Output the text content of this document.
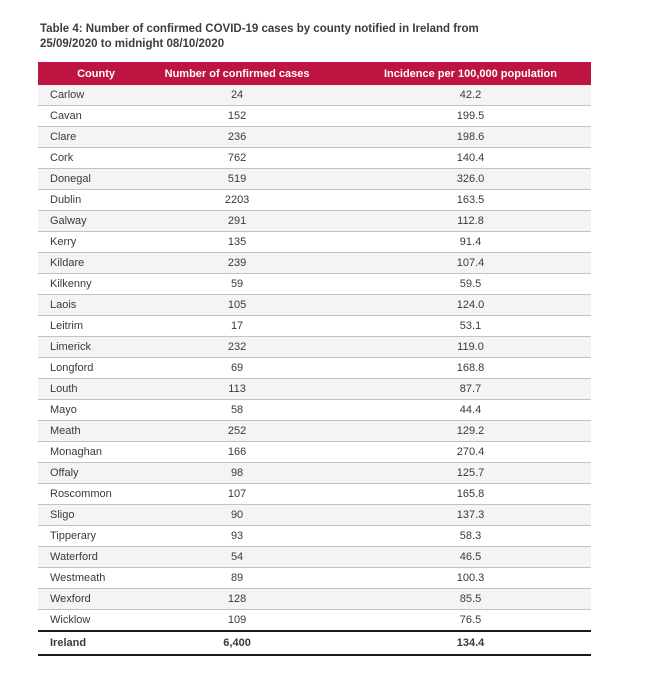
Table 4: Number of confirmed COVID-19 cases by county notified in Ireland from
25/09/2020 to midnight 08/10/2020
County	Number of confirmed cases	Incidence per 100,000 population
Carlow	24	42.2
Cavan	152	199.5
Clare	236	198.6
Cork	762	140.4
Donegal	519	326.0
Dublin	2203	163.5
Galway	291	112.8
Kerry	135	91.4
Kildare	239	107.4
Kilkenny	59	59.5
Laois	105	124.0
Leitrim	17	53.1
Limerick	232	119.0
Longford	69	168.8
Louth	113	87.7
Mayo	58	44.4
Meath	252	129.2
Monaghan	166	270.4
Offaly	98	125.7
Roscommon	107	165.8
Sligo	90	137.3
Tipperary	93	58.3
Waterford	54	46.5
Westmeath	89	100.3
Wexford	128	85.5
Wicklow	109	76.5
Ireland	6,400	134.4
